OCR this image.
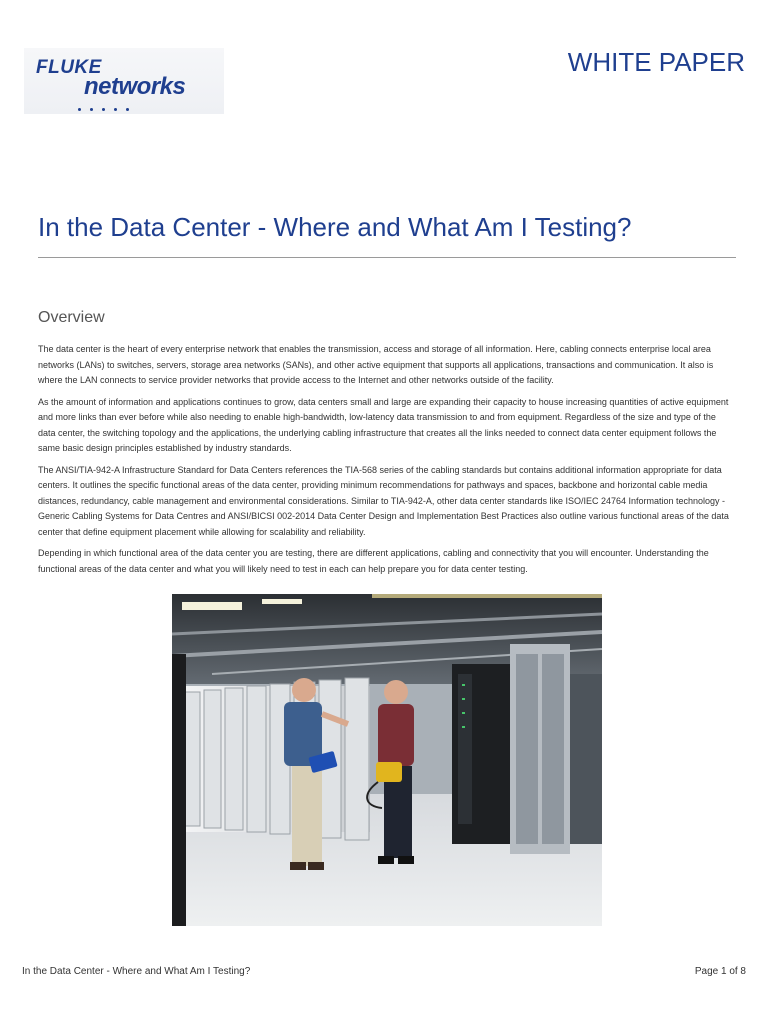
FLUKE
networks
WHITE PAPER
In the Data Center - Where and What Am I Testing?
Overview

The data center is the heart of every enterprise network that enables the transmission, access and storage of all information. Here, cabling connects enterprise local area networks (LANs) to switches, servers, storage area networks (SANs), and other active equipment that supports all applications, transactions and communication. It also is where the LAN connects to service provider networks that provide access to the Internet and other networks outside of the facility.

As the amount of information and applications continues to grow, data centers small and large are expanding their capacity to house increasing quantities of active equipment and more links than ever before while also needing to enable high-bandwidth, low-latency data transmission to and from equipment. Regardless of the size and type of the data center, the switching topology and the applications, the underlying cabling infrastructure that creates all the links needed to connect data center equipment follows the same basic design principles established by industry standards.

The ANSI/TIA-942-A Infrastructure Standard for Data Centers references the TIA-568 series of the cabling standards but contains additional information appropriate for data centers. It outlines the specific functional areas of the data center, providing minimum recommendations for pathways and spaces, backbone and horizontal cable media distances, redundancy, cable management and environmental considerations. Similar to TIA-942-A, other data center standards like ISO/IEC 24764 Information technology - Generic Cabling Systems for Data Centres and ANSI/BICSI 002-2014 Data Center Design and Implementation Best Practices also outline various functional areas of the data center that define equipment placement while allowing for scalability and reliability.

Depending in which functional area of the data center you are testing, there are different applications, cabling and connectivity that you will encounter. Understanding the functional areas of the data center and what you will likely need to test in each can help prepare you for data center testing.

In the Data Center - Where and What Am I Testing?	Page 1 of 8
